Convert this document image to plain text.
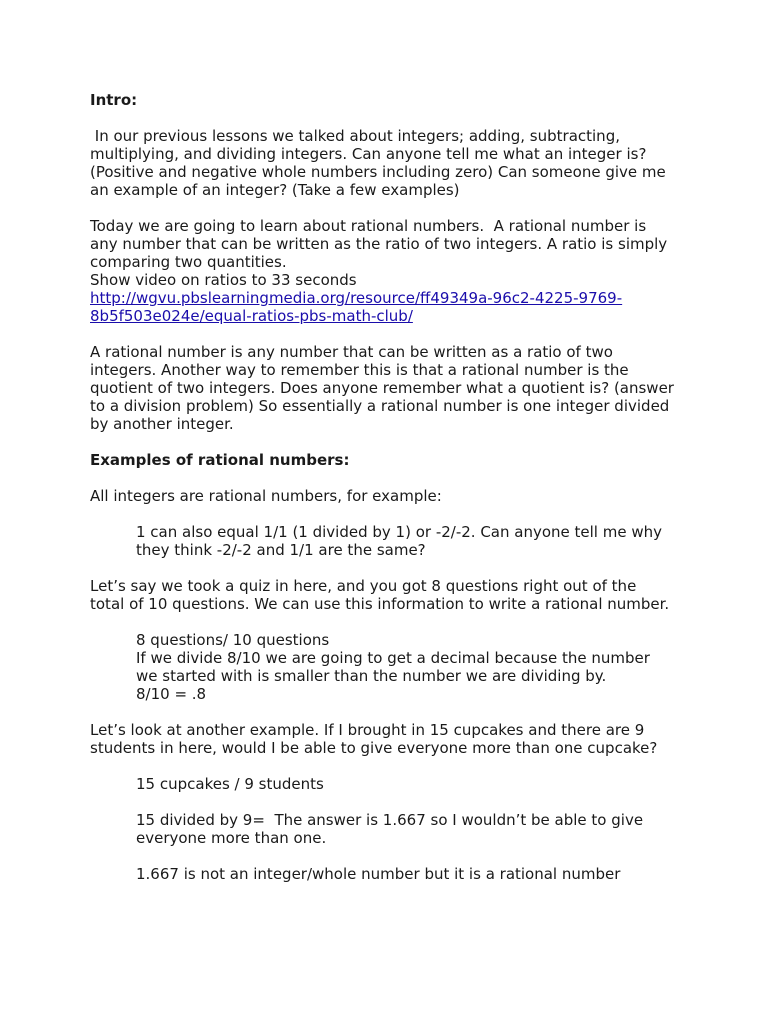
Intro:

In our previous lessons we talked about integers; adding, subtracting,
multiplying, and dividing integers. Can anyone tell me what an integer is?
(Positive and negative whole numbers including zero) Can someone give me
an example of an integer? (Take a few examples)

Today we are going to learn about rational numbers.  A rational number is
any number that can be written as the ratio of two integers. A ratio is simply
comparing two quantities.
Show video on ratios to 33 seconds
http://wgvu.pbslearningmedia.org/resource/ff49349a-96c2-4225-9769-
8b5f503e024e/equal-ratios-pbs-math-club/

A rational number is any number that can be written as a ratio of two
integers. Another way to remember this is that a rational number is the
quotient of two integers. Does anyone remember what a quotient is? (answer
to a division problem) So essentially a rational number is one integer divided
by another integer.

Examples of rational numbers:

All integers are rational numbers, for example:

1 can also equal 1/1 (1 divided by 1) or -2/-2. Can anyone tell me why
they think -2/-2 and 1/1 are the same?

Let’s say we took a quiz in here, and you got 8 questions right out of the
total of 10 questions. We can use this information to write a rational number.

8 questions/ 10 questions
If we divide 8/10 we are going to get a decimal because the number
we started with is smaller than the number we are dividing by.
8/10 = .8

Let’s look at another example. If I brought in 15 cupcakes and there are 9
students in here, would I be able to give everyone more than one cupcake?

15 cupcakes / 9 students

15 divided by 9=  The answer is 1.667 so I wouldn’t be able to give
everyone more than one.

1.667 is not an integer/whole number but it is a rational number
